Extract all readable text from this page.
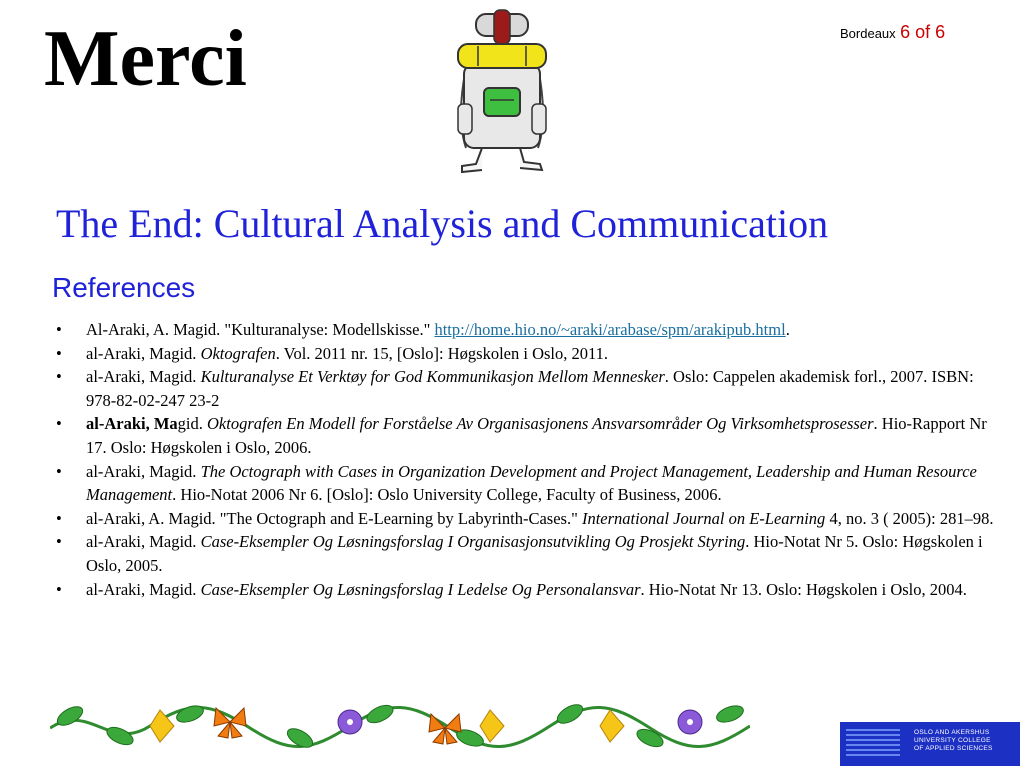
Merci	Bordeaux 6 of 6
The End: Cultural Analysis and Communication
References
• Al-Araki, A. Magid. "Kulturanalyse: Modellskisse." http://home.hio.no/~araki/arabase/spm/arakipub.html.
• al-Araki, Magid. Oktografen. Vol. 2011 nr. 15, [Oslo]: Høgskolen i Oslo, 2011.
• al-Araki, Magid. Kulturanalyse Et Verktøy for God Kommunikasjon Mellom Mennesker. Oslo: Cappelen akademisk forl., 2007. ISBN: 978-82-02-247 23-2
• al-Araki, Magid. Oktografen En Modell for Forståelse Av Organisasjonens Ansvarsområder Og Virksomhetsprosesser. Hio-Rapport Nr 17. Oslo: Høgskolen i Oslo, 2006.
• al-Araki, Magid. The Octograph with Cases in Organization Development and Project Management, Leadership and Human Resource Management. Hio-Notat 2006 Nr 6. [Oslo]: Oslo University College, Faculty of Business, 2006.
• al-Araki, A. Magid. "The Octograph and E-Learning by Labyrinth-Cases." International Journal on E-Learning 4, no. 3 ( 2005): 281–98.
• al-Araki, Magid. Case-Eksempler Og Løsningsforslag I Organisasjonsutvikling Og Prosjekt Styring. Hio-Notat Nr 5. Oslo: Høgskolen i Oslo, 2005.
• al-Araki, Magid. Case-Eksempler Og Løsningsforslag I Ledelse Og Personalansvar. Hio-Notat Nr 13. Oslo: Høgskolen i Oslo, 2004.
OSLO AND AKERSHUS
UNIVERSITY COLLEGE
OF APPLIED SCIENCES
